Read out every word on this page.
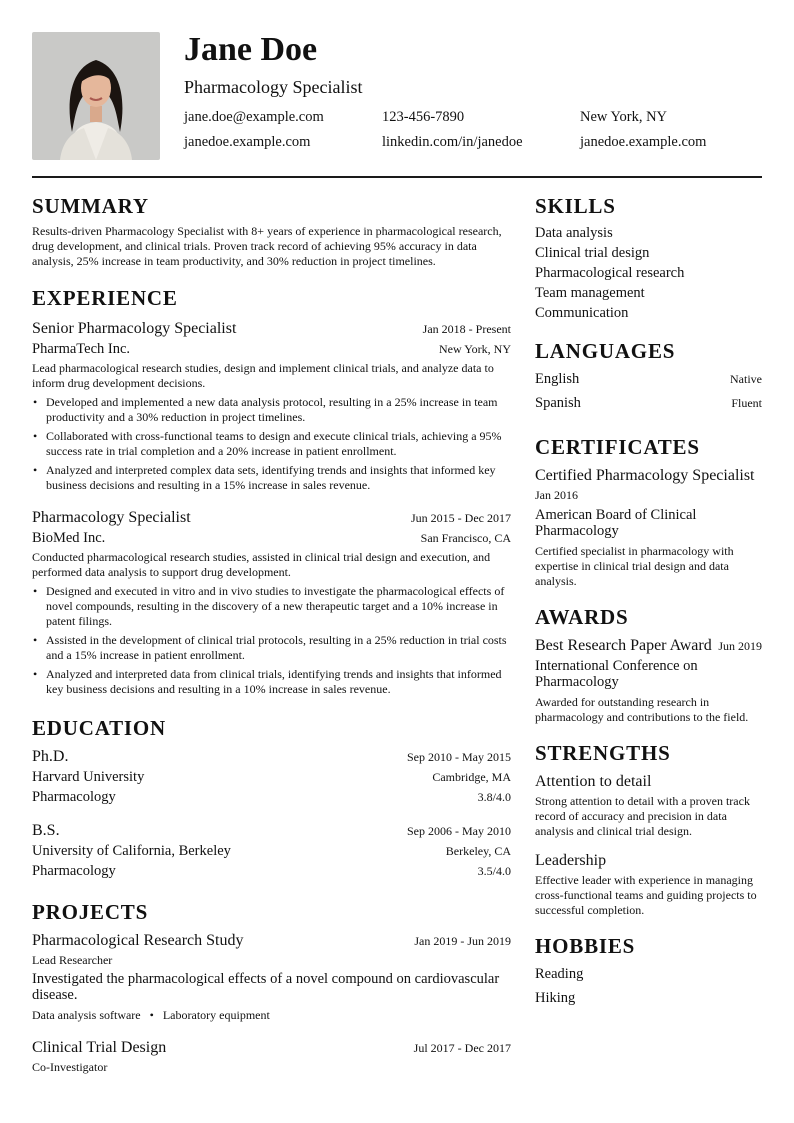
Jane Doe
Pharmacology Specialist
jane.doe@example.com	123-456-7890	New York, NY
janedoe.example.com	linkedin.com/in/janedoe	janedoe.example.com
SUMMARY
Results-driven Pharmacology Specialist with 8+ years of experience in pharmacological research, drug development, and clinical trials. Proven track record of achieving 95% accuracy in data analysis, 25% increase in team productivity, and 30% reduction in project timelines.
EXPERIENCE
Senior Pharmacology Specialist	Jan 2018 - Present
PharmaTech Inc.	New York, NY
Lead pharmacological research studies, design and implement clinical trials, and analyze data to inform drug development decisions.
• Developed and implemented a new data analysis protocol, resulting in a 25% increase in team productivity and a 30% reduction in project timelines.
• Collaborated with cross-functional teams to design and execute clinical trials, achieving a 95% success rate in trial completion and a 20% increase in patient enrollment.
• Analyzed and interpreted complex data sets, identifying trends and insights that informed key business decisions and resulting in a 15% increase in sales revenue.
Pharmacology Specialist	Jun 2015 - Dec 2017
BioMed Inc.	San Francisco, CA
Conducted pharmacological research studies, assisted in clinical trial design and execution, and performed data analysis to support drug development.
• Designed and executed in vitro and in vivo studies to investigate the pharmacological effects of novel compounds, resulting in the discovery of a new therapeutic target and a 10% increase in patent filings.
• Assisted in the development of clinical trial protocols, resulting in a 25% reduction in trial costs and a 15% increase in patient enrollment.
• Analyzed and interpreted data from clinical trials, identifying trends and insights that informed key business decisions and resulting in a 10% increase in sales revenue.
EDUCATION
Ph.D.	Sep 2010 - May 2015
Harvard University	Cambridge, MA
Pharmacology	3.8/4.0
B.S.	Sep 2006 - May 2010
University of California, Berkeley	Berkeley, CA
Pharmacology	3.5/4.0
PROJECTS
Pharmacological Research Study	Jan 2019 - Jun 2019
Lead Researcher
Investigated the pharmacological effects of a novel compound on cardiovascular disease.
Data analysis software • Laboratory equipment
Clinical Trial Design	Jul 2017 - Dec 2017
Co-Investigator
SKILLS
Data analysis
Clinical trial design
Pharmacological research
Team management
Communication
LANGUAGES
English	Native
Spanish	Fluent
CERTIFICATES
Certified Pharmacology Specialist
Jan 2016
American Board of Clinical Pharmacology
Certified specialist in pharmacology with expertise in clinical trial design and data analysis.
AWARDS
Best Research Paper Award Jun 2019
International Conference on Pharmacology
Awarded for outstanding research in pharmacology and contributions to the field.
STRENGTHS
Attention to detail
Strong attention to detail with a proven track record of accuracy and precision in data analysis and clinical trial design.
Leadership
Effective leader with experience in managing cross-functional teams and guiding projects to successful completion.
HOBBIES
Reading
Hiking
